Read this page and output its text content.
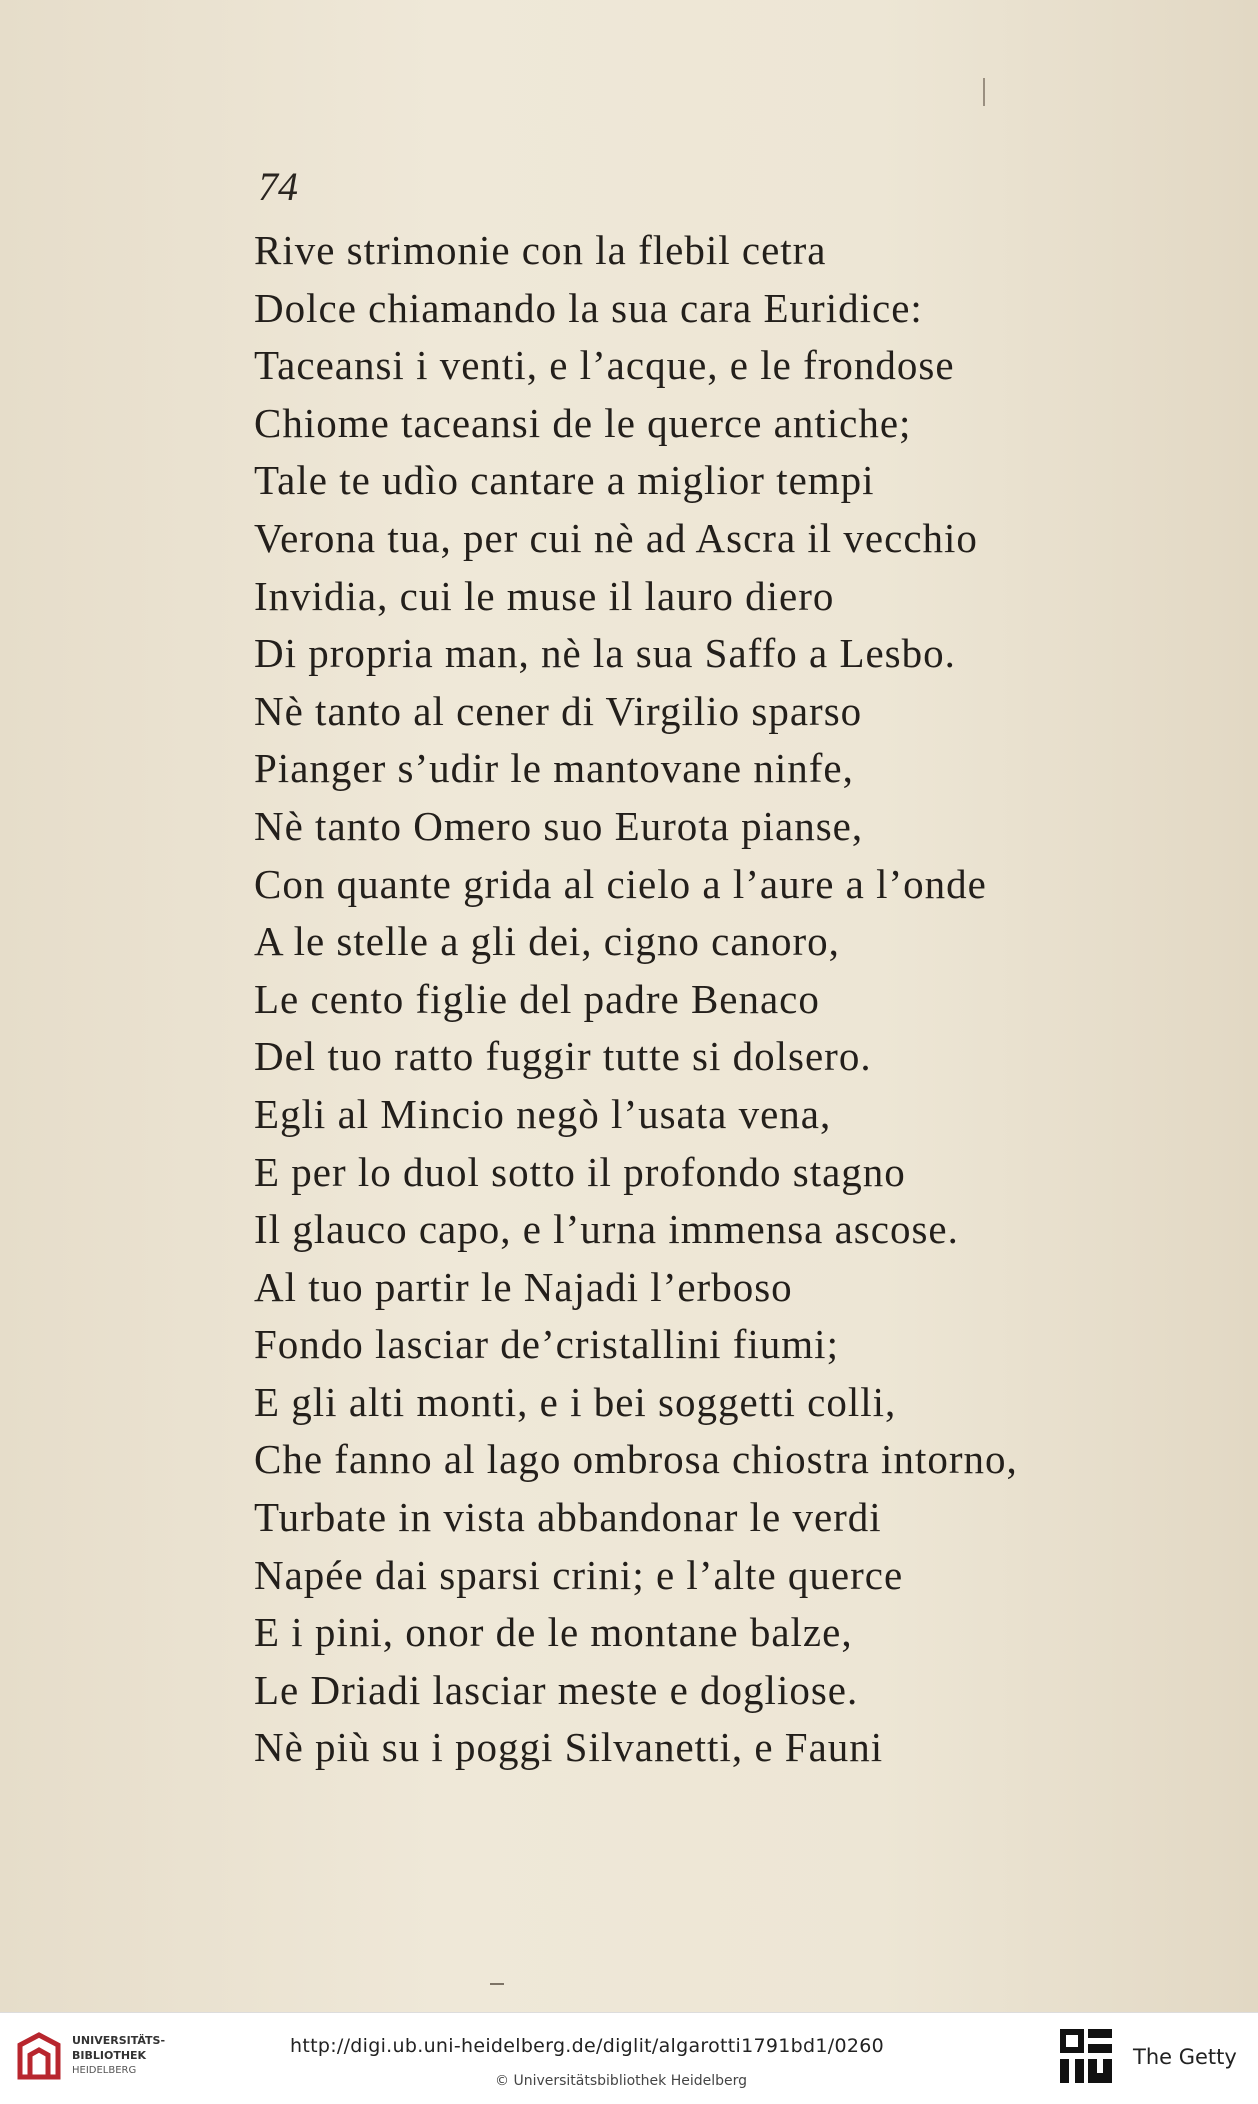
74
Rive strimonie con la flebil cetra
Dolce chiamando la sua cara Euridice:
Taceansi i venti, e l’acque, e le frondose
Chiome taceansi de le querce antiche;
Tale te udìo cantare a miglior tempi
Verona tua, per cui nè ad Ascra il vecchio
Invidia, cui le muse il lauro diero
Di propria man, nè la sua Saffo a Lesbo.
Nè tanto al cener di Virgilio sparso
Pianger s’udir le mantovane ninfe,
Nè tanto Omero suo Eurota pianse,
Con quante grida al cielo a l’aure a l’onde
A le stelle a gli dei, cigno canoro,
Le cento figlie del padre Benaco
Del tuo ratto fuggir tutte si dolsero.
Egli al Mincio negò l’usata vena,
E per lo duol sotto il profondo stagno
Il glauco capo, e l’urna immensa ascose.
Al tuo partir le Najadi l’erboso
Fondo lasciar de’cristallini fiumi;
E gli alti monti, e i bei soggetti colli,
Che fanno al lago ombrosa chiostra intorno,
Turbate in vista abbandonar le verdi
Napée dai sparsi crini; e l’alte querce
E i pini, onor de le montane balze,
Le Driadi lasciar meste e dogliose.
Nè più su i poggi Silvanetti, e Fauni
UNIVERSITÄTS-
BIBLIOTHEK
HEIDELBERG
http://digi.ub.uni-heidelberg.de/diglit/algarotti1791bd1/0260
© Universitätsbibliothek Heidelberg
The Getty
